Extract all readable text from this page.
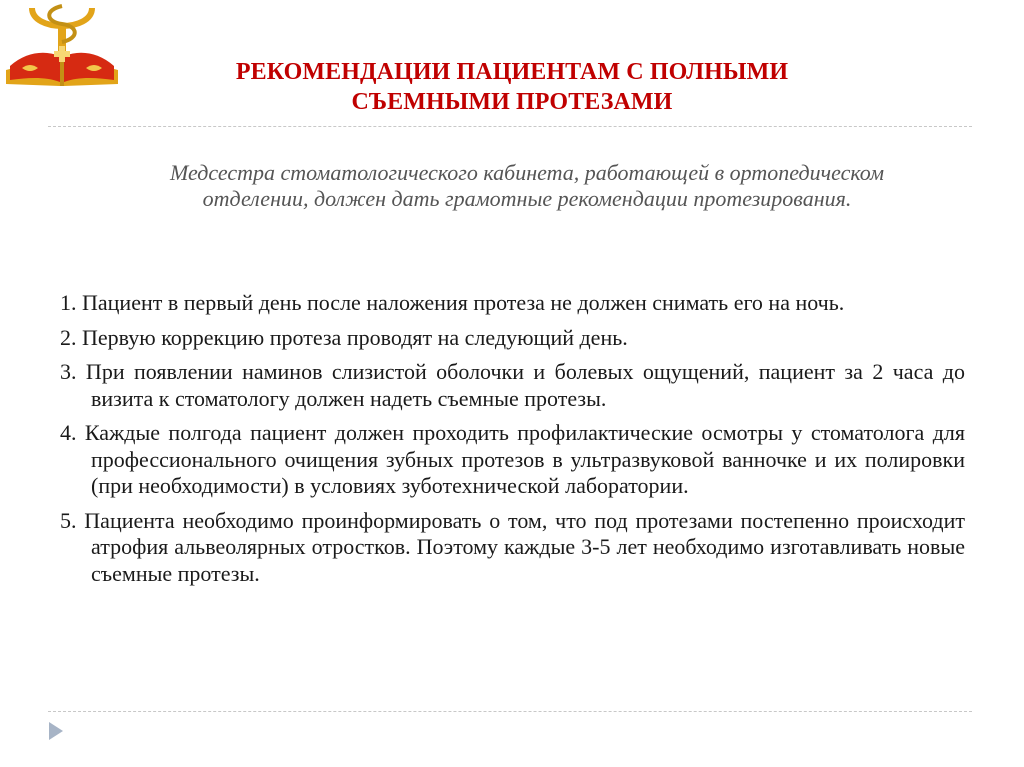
РЕКОМЕНДАЦИИ ПАЦИЕНТАМ С ПОЛНЫМИ
СЪЕМНЫМИ ПРОТЕЗАМИ
Медсестра стоматологического кабинета, работающей в ортопедическом отделении, должен дать грамотные рекомендации протезирования.
1. Пациент в первый день после наложения протеза не должен снимать его на ночь.
2. Первую коррекцию протеза проводят на следующий день.
3. При появлении наминов слизистой оболочки и болевых ощущений, пациент за 2 часа до визита к стоматологу должен надеть съемные протезы.
4. Каждые полгода пациент должен проходить профилактические осмотры у стоматолога для профессионального очищения зубных протезов в ультразвуковой ванночке и их полировки (при необходимости) в условиях зуботехнической лаборатории.
5. Пациента необходимо проинформировать о том, что под протезами постепенно происходит атрофия альвеолярных отростков. Поэтому каждые 3-5 лет необходимо изготавливать новые съемные протезы.
